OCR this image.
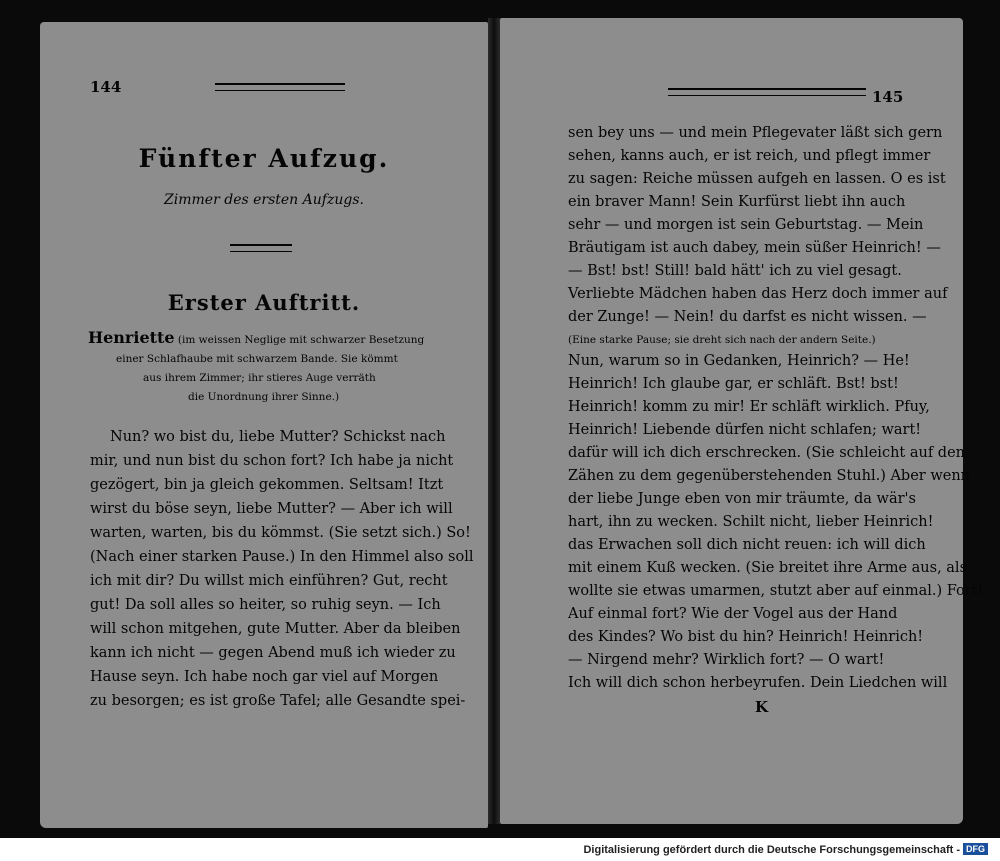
144
Fünfter Aufzug.
Zimmer des ersten Aufzugs.
Erster Auftritt.
Henriette (im weissen Neglige mit schwarzer Besetzung
einer Schlafhaube mit schwarzem Bande. Sie kömmt
aus ihrem Zimmer; ihr stieres Auge verräth
die Unordnung ihrer Sinne.)
Nun? wo bist du, liebe Mutter? Schickst nach
mir, und nun bist du schon fort? Ich habe ja nicht
gezögert, bin ja gleich gekommen. Seltsam! Itzt
wirst du böse seyn, liebe Mutter? — Aber ich will
warten, warten, bis du kömmst. (Sie setzt sich.) So!
(Nach einer starken Pause.) In den Himmel also soll
ich mit dir? Du willst mich einführen? Gut, recht
gut! Da soll alles so heiter, so ruhig seyn. — Ich
will schon mitgehen, gute Mutter. Aber da bleiben
kann ich nicht — gegen Abend muß ich wieder zu
Hause seyn. Ich habe noch gar viel auf Morgen
zu besorgen; es ist große Tafel; alle Gesandte spei-
145
sen bey uns — und mein Pflegevater läßt sich gern
sehen, kanns auch, er ist reich, und pflegt immer
zu sagen: Reiche müssen aufgeh en lassen. O es ist
ein braver Mann! Sein Kurfürst liebt ihn auch
sehr — und morgen ist sein Geburtstag. — Mein
Bräutigam ist auch dabey, mein süßer Heinrich! —
— Bst! bst! Still! bald hätt' ich zu viel gesagt.
Verliebte Mädchen haben das Herz doch immer auf
der Zunge! — Nein! du darfst es nicht wissen. —
(Eine starke Pause; sie dreht sich nach der andern Seite.)
Nun, warum so in Gedanken, Heinrich? — He!
Heinrich! Ich glaube gar, er schläft. Bst! bst!
Heinrich! komm zu mir! Er schläft wirklich. Pfuy,
Heinrich! Liebende dürfen nicht schlafen; wart!
dafür will ich dich erschrecken. (Sie schleicht auf den
Zähen zu dem gegenüberstehenden Stuhl.) Aber wenn
der liebe Junge eben von mir träumte, da wär's
hart, ihn zu wecken. Schilt nicht, lieber Heinrich!
das Erwachen soll dich nicht reuen: ich will dich
mit einem Kuß wecken. (Sie breitet ihre Arme aus, als
wollte sie etwas umarmen, stutzt aber auf einmal.) Fort!
Auf einmal fort? Wie der Vogel aus der Hand
des Kindes? Wo bist du hin? Heinrich! Heinrich!
— Nirgend mehr? Wirklich fort? — O wart!
Ich will dich schon herbeyrufen. Dein Liedchen will
K
Digitalisierung gefördert durch die Deutsche Forschungsgemeinschaft - DFG
